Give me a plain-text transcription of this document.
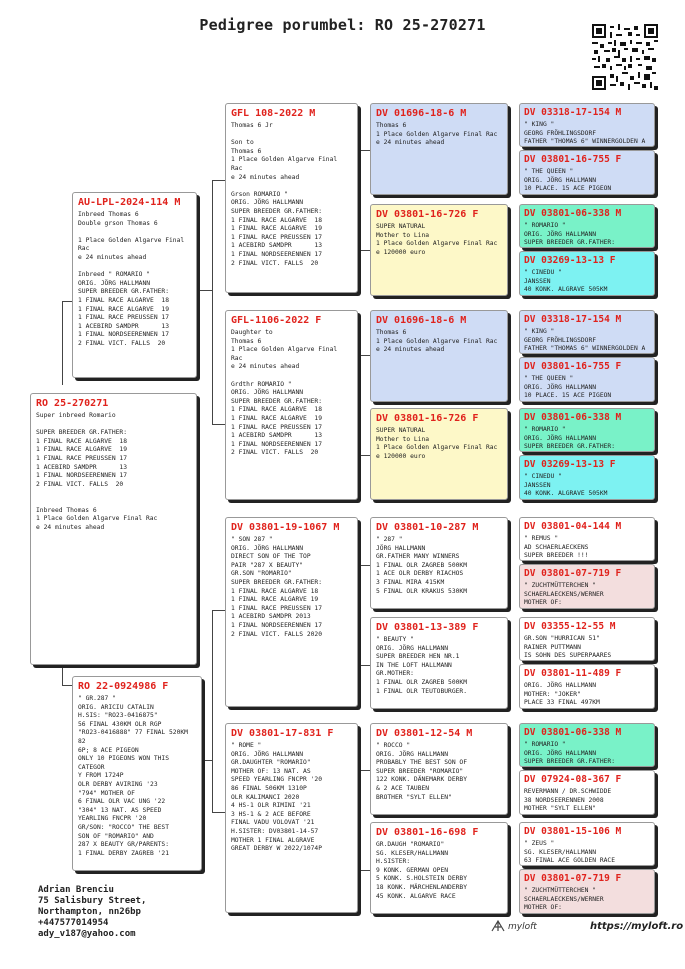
Pedigree porumbel: RO 25-270271
RO 25-270271
Super inbreed Romario

SUPER BREEDER GR.FATHER:
1 FINAL RACE ALGARVE  18
1 FINAL RACE ALGARVE  19
1 FINAL RACE PREUSSEN 17
1 ACEBIRD SAMDPR      13
1 FINAL NORDSEERENNEN 17
2 FINAL VICT. FALLS  20

Inbreed Thomas 6
1 Place Golden Algarve Final Rac
e 24 minutes ahead
AU-LPL-2024-114 M
Inbreed Thomas 6
Double grson Thomas 6

1 Place Golden Algarve Final Rac
e 24 minutes ahead

Inbreed " ROMARIO "
ORIG. JÖRG HALLMANN
SUPER BREEDER GR.FATHER:
1 FINAL RACE ALGARVE  18
1 FINAL RACE ALGARVE  19
1 FINAL RACE PREUSSEN 17
1 ACEBIRD SAMDPR      13
1 FINAL NORDSEERENNEN 17
2 FINAL VICT. FALLS  20
RO 22-0924986 F
" GR.287 "
ORIG. ARICIU CATALIN
H.SIS: "RO23-0416875"
56 FINAL 430KM OLR RGP
"RO23-0416888" 77 FINAL 520KM 82
6P; 8 ACE PIGEON
ONLY 10 PIGEONS WON THIS CATEGOR
Y FROM 1724P
OLR DERBY AVIRING '23
"794" MOTHER OF
6 FINAL OLR VAC UNG '22
"304" 13 NAT. AS SPEED
YEARLING FNCPR '20
GR/SON: "ROCCO" THE BEST
SON OF "ROMARIO" AND
287 X BEAUTY GR/PARENTS:
1 FINAL DERBY ZAGREB '21
GFL 108-2022 M
Thomas 6 Jr

Son to
Thomas 6
1 Place Golden Algarve Final Rac
e 24 minutes ahead

Grson ROMARIO "
ORIG. JÖRG HALLMANN
SUPER BREEDER GR.FATHER:
1 FINAL RACE ALGARVE  18
1 FINAL RACE ALGARVE  19
1 FINAL RACE PREUSSEN 17
1 ACEBIRD SAMDPR      13
1 FINAL NORDSEERENNEN 17
2 FINAL VICT. FALLS  20
GFL-1106-2022 F
Daughter to
Thomas 6
1 Place Golden Algarve Final Rac
e 24 minutes ahead

Grdthr ROMARIO "
ORIG. JÖRG HALLMANN
SUPER BREEDER GR.FATHER:
1 FINAL RACE ALGARVE  18
1 FINAL RACE ALGARVE  19
1 FINAL RACE PREUSSEN 17
1 ACEBIRD SAMDPR      13
1 FINAL NORDSEERENNEN 17
2 FINAL VICT. FALLS  20
DV 03801-19-1067 M
" SON 287 "
ORIG. JÖRG HALLMANN
DIRECT SON OF THE TOP
PAIR "287 X BEAUTY"
GR.SON "ROMARIO"
SUPER BREEDER GR.FATHER:
1 FINAL RACE ALGARVE 18
1 FINAL RACE ALGARVE 19
1 FINAL RACE PREUSSEN 17
1 ACEBIRD SAMDPR 2013
1 FINAL NORDSEERENNEN 17
2 FINAL VICT. FALLS 2020
DV 03801-17-831 F
" ROME "
ORIG. JÖRG HALLMANN
GR.DAUGHTER "ROMARIO"
MOTHER OF: 13 NAT. AS
SPEED YEARLING FNCPR '20
86 FINAL 506KM 1310P
OLR KALIMANCI 2020
4 HS-1 OLR RIMINI '21
3 HS-1 & 2 ACE BEFORE
FINAL VADU VOLOVAT '21
H.SISTER: DV03801-14-57
MOTHER 1 FINAL ALGRAVE
GREAT DERBY W 2022/1074P
DV 01696-18-6 M
Thomas 6
1 Place Golden Algarve Final Rac
e 24 minutes ahead
DV 03801-16-726 F
SUPER NATURAL
Mother to Lina
1 Place Golden Algarve Final Rac
e 120000 euro
DV 01696-18-6 M
Thomas 6
1 Place Golden Algarve Final Rac
e 24 minutes ahead
DV 03801-16-726 F
SUPER NATURAL
Mother to Lina
1 Place Golden Algarve Final Rac
e 120000 euro
DV 03801-10-287 M
" 287 "
JÖRG HALLMANN
GR.FATHER MANY WINNERS
1 FINAL OLR ZAGREB 500KM
1 ACE OLR DERBY RIACHOS
3 FINAL MIRA 415KM
5 FINAL OLR KRAKUS 530KM
DV 03801-13-389 F
" BEAUTY "
ORIG. JÖRG HALLMANN
SUPER BREEDER HEN NR.1
IN THE LOFT HALLMANN
GR.MOTHER:
1 FINAL OLR ZAGREB 500KM
1 FINAL OLR TEUTOBURGER.
DV 03801-12-54 M
" ROCCO "
ORIG. JÖRG HALLMANN
PROBABLY THE BEST SON OF
SUPER BREEDER "ROMARIO"
122 KONK. DÄNEMARK DERBY
& 2 ACE TAUBEN
BROTHER "SYLT ELLEN"
DV 03801-16-698 F
GR.DAUGH "ROMARIO"
SG. KLESER/HALLMANN
H.SISTER:
9 KONK. GERMAN OPEN
5 KONK. S.HOLSTEIN DERBY
18 KONK. MÄRCHENLANDERBY
45 KONK. ALGARVE RACE
DV 03318-17-154 M
" KING "
GEORG FRÖHLINGSDORF
FATHER "THOMAS 6" WINNERGOLDEN A
DV 03801-16-755 F
" THE QUEEN "
ORIG. JÖRG HALLMANN
10 PLACE. 15 ACE PIGEON
DV 03801-06-338 M
" ROMARIO "
ORIG. JÖRG HALLMANN
SUPER BREEDER GR.FATHER:
DV 03269-13-13 F
" CINEDU "
JANSSEN
40 KONK. ALGRAVE 505KM
DV 03318-17-154 M
" KING "
GEORG FRÖHLINGSDORF
FATHER "THOMAS 6" WINNERGOLDEN A
DV 03801-16-755 F
" THE QUEEN "
ORIG. JÖRG HALLMANN
10 PLACE. 15 ACE PIGEON
DV 03801-06-338 M
" ROMARIO "
ORIG. JÖRG HALLMANN
SUPER BREEDER GR.FATHER:
DV 03269-13-13 F
" CINEDU "
JANSSEN
40 KONK. ALGRAVE 505KM
DV 03801-04-144 M
" REMUS "
AD SCHAERLAECKENS
SUPER BREEDER !!!
DV 03801-07-719 F
" ZUCHTMÜTTERCHEN "
SCHAERLAECKENS/WERNER
MOTHER OF:
DV 03355-12-55 M
GR.SON "HURRICAN 51"
RAINER PUTTMANN
IS SOHN DES SUPERPAARES
DV 03801-11-489 F
ORIG. JÖRG HALLMANN
MOTHER: "JOKER"
PLACE 33 FINAL 497KM
DV 03801-06-338 M
" ROMARIO "
ORIG. JÖRG HALLMANN
SUPER BREEDER GR.FATHER:
DV 07924-08-367 F
REVERMANN / DR.SCHWIDDE
38 NORDSEERENNEN 2008
MOTHER "SYLT ELLEN"
DV 03801-15-106 M
" ZEUS "
SG. KLESER/HALLMANN
63 FINAL ACE GOLDEN RACE
DV 03801-07-719 F
" ZUCHTMÜTTERCHEN "
SCHAERLAECKENS/WERNER
MOTHER OF:
Adrian Brenciu
75 Salisbury Street,
Northampton, nn26bp
+447577014954
ady_v187@yahoo.com
myloft	https://myloft.ro
